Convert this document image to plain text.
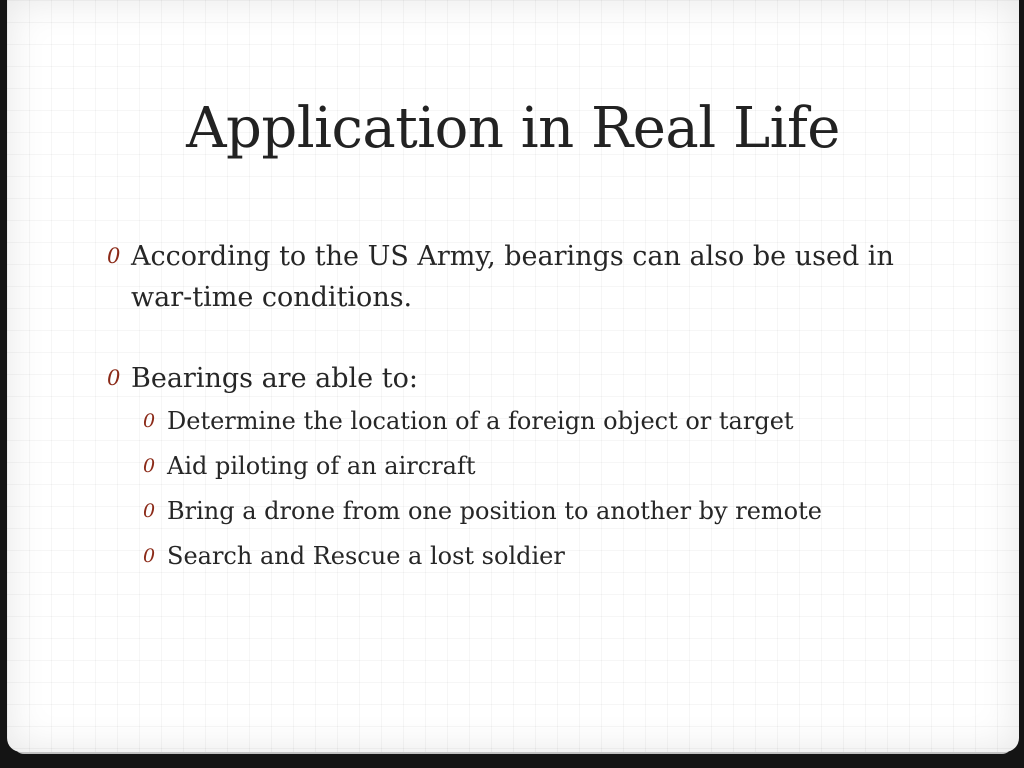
Application in Real Life

0 According to the US Army, bearings can also be used in war-time conditions.

0 Bearings are able to:

0 Determine the location of a foreign object or target

0 Aid piloting of an aircraft

0 Bring a drone from one position to another by remote

0 Search and Rescue a lost soldier
